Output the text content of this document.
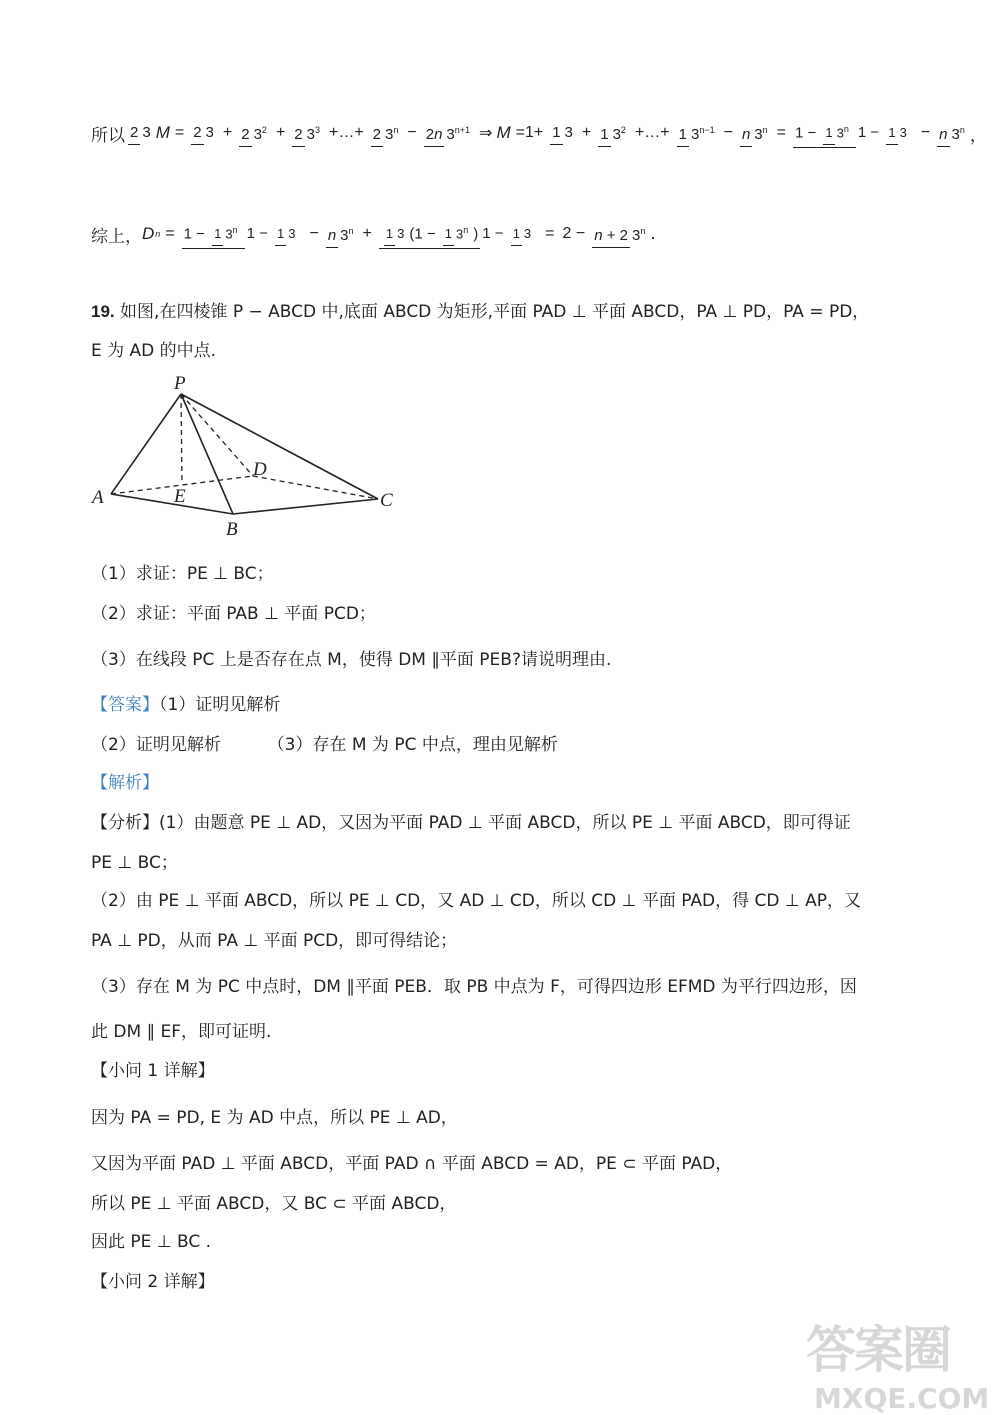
所以 2 3 M = 2 3 + 2 $3^2 + 2$ $3^3$ +…+ 2 $3^n - 2n$ $3^{n+1}$ ⇒ M =1+ 1 3 + 1 $3^2$ +…+ 1 $3^{n-1} - n$ $3^n = 1 - 1$ 3$^n$ 1 − 1 3 − n 3$^n$ ，
综上， D n = 1 − 1 3$^n$ 1 − 1 3 − n $3^n$ +	1 3 (1 − 1 3$^n$ ) 1 − 1 3 = 2 − n + 2 3$^n$ .
19. 如图,在四棱锥 P − ABCD 中,底面 ABCD 为矩形,平面 PAD ⊥ 平面 ABCD，PA ⊥ PD，PA = PD，
E 为 AD 的中点.
P
A
B
C
D
E
（1）求证：PE ⊥ BC；
（2）求证：平面 PAB ⊥ 平面 PCD；
（3）在线段 PC 上是否存在点 M，使得 DM ∥平面 PEB?请说明理由.
【答案】（1）证明见解析
（2）证明见解析	（3）存在 M 为 PC 中点，理由见解析
【解析】
【分析】(1）由题意 PE ⊥ AD，又因为平面 PAD ⊥ 平面 ABCD，所以 PE ⊥ 平面 ABCD，即可得证
PE ⊥ BC；
（2）由 PE ⊥ 平面 ABCD，所以 PE ⊥ CD，又 AD ⊥ CD，所以 CD ⊥ 平面 PAD，得 CD ⊥ AP，又
PA ⊥ PD，从而 PA ⊥ 平面 PCD，即可得结论；
（3）存在 M 为 PC 中点时，DM ∥平面 PEB．取 PB 中点为 F，可得四边形 EFMD 为平行四边形，因
此 DM ∥ EF，即可证明.
【小问 1 详解】
因为 PA = PD, E 为 AD 中点，所以 PE ⊥ AD，
又因为平面 PAD ⊥ 平面 ABCD，平面 PAD ∩ 平面 ABCD = AD，PE ⊂ 平面 PAD，
所以 PE ⊥ 平面 ABCD，又 BC ⊂ 平面 ABCD，
因此 PE ⊥ BC .
【小问 2 详解】
答案圈
MXQE.COM
